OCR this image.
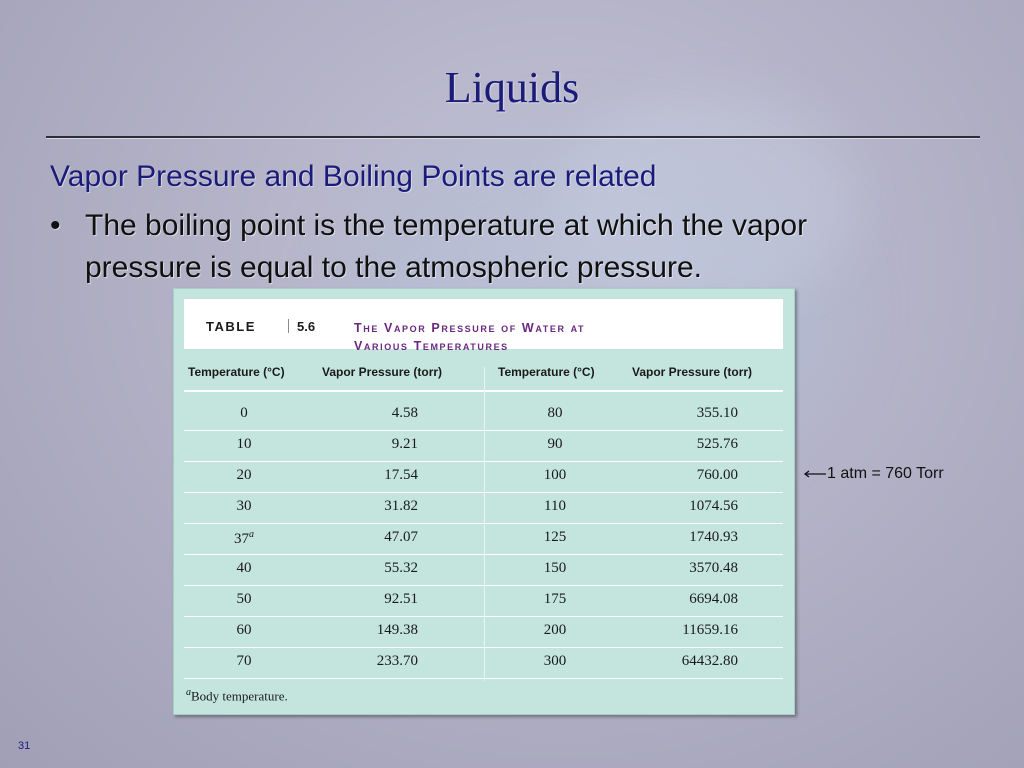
Liquids
Vapor Pressure and Boiling Points are related
• The boiling point is the temperature at which the vapor pressure is equal to the atmospheric pressure.
TABLE	5.6	The Vapor Pressure of Water at
Various Temperatures
Temperature (°C)	Vapor Pressure (torr)	Temperature (°C)	Vapor Pressure (torr)
0	4.58	80	355.10
10	9.21	90	525.76
20	17.54	100	760.00
30	31.82	110	1074.56
37$^a$	47.07	125	1740.93
40	55.32	150	3570.48
50	92.51	175	6694.08
60	149.38	200	11659.16
70	233.70	300	64432.80
$^a$Body temperature.
1 atm = 760 Torr
31
